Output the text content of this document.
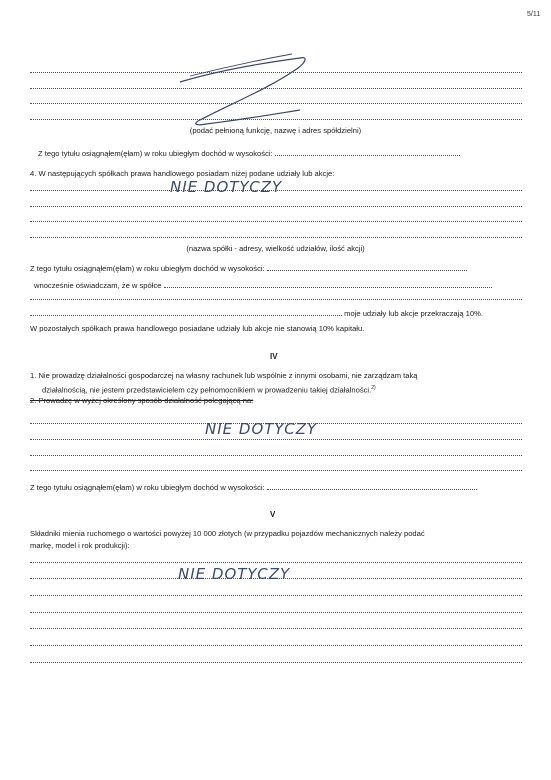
5/11
(podać pełnioną funkcję, nazwę i adres spółdzielni)
Z tego tytułu osiągnąłem(ęłam) w roku ubiegłym dochód w wysokości:
4. W następujących spółkach prawa handlowego posiadam niżej podane udziały lub akcje:
NIE DOTYCZY
(nazwa spółki - adresy, wielkość udziałów, ilość akcji)
Z tego tytułu osiągnąłem(ęłam) w roku ubiegłym dochód w wysokości:
wnocześnie oświadczam, że w spółce
moje udziały lub akcje przekraczają 10%.
W pozostałych spółkach prawa handlowego posiadane udziały lub akcje nie stanowią 10% kapitału.
IV
1. Nie prowadzę działalności gospodarczej na własny rachunek lub wspólnie z innymi osobami, nie zarządzam taką
działalnością, nie jestem przedstawicielem czy pełnomocnikiem w prowadzeniu takiej działalności.$^{2)}$
2. Prowadzę w wyżej określony sposób działalność polegającą na:
NIE DOTYCZY
Z tego tytułu osiągnąłem(ęłam) w roku ubiegłym dochód w wysokości:
V
Składniki mienia ruchomego o wartości powyżej 10 000 złotych (w przypadku pojazdów mechanicznych należy podać
markę, model i rok produkcji):
NIE DOTYCZY
